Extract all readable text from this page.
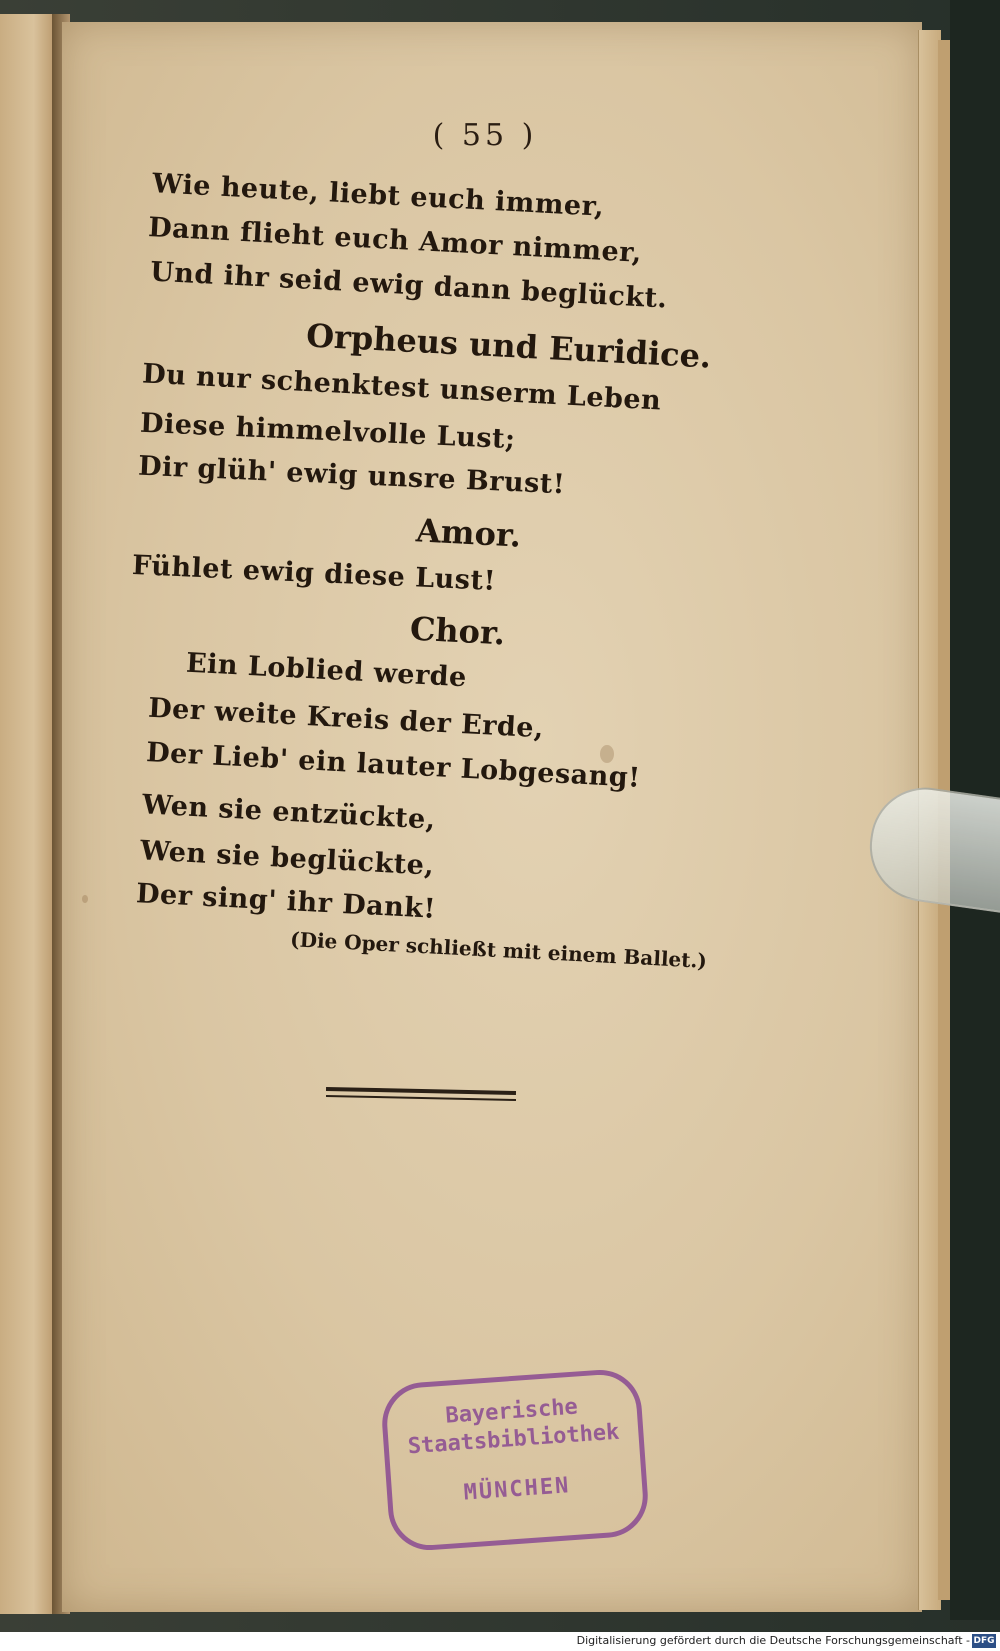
( 55 )
Wie heute, liebt euch immer,
Dann flieht euch Amor nimmer,
Und ihr seid ewig dann beglückt.
Orpheus und Euridice.
Du nur schenktest unserm Leben
Diese himmelvolle Lust;
Dir glüh' ewig unsre Brust!
Amor.
Fühlet ewig diese Lust!
Chor.
Ein Loblied werde
Der weite Kreis der Erde,
Der Lieb' ein lauter Lobgesang!
Wen sie entzückte,
Wen sie beglückte,
Der sing' ihr Dank!
(Die Oper schließt mit einem Ballet.)
Bayerische
Staatsbibliothek
MÜNCHEN
Digitalisierung gefördert durch die Deutsche Forschungsgemeinschaft - DFG
